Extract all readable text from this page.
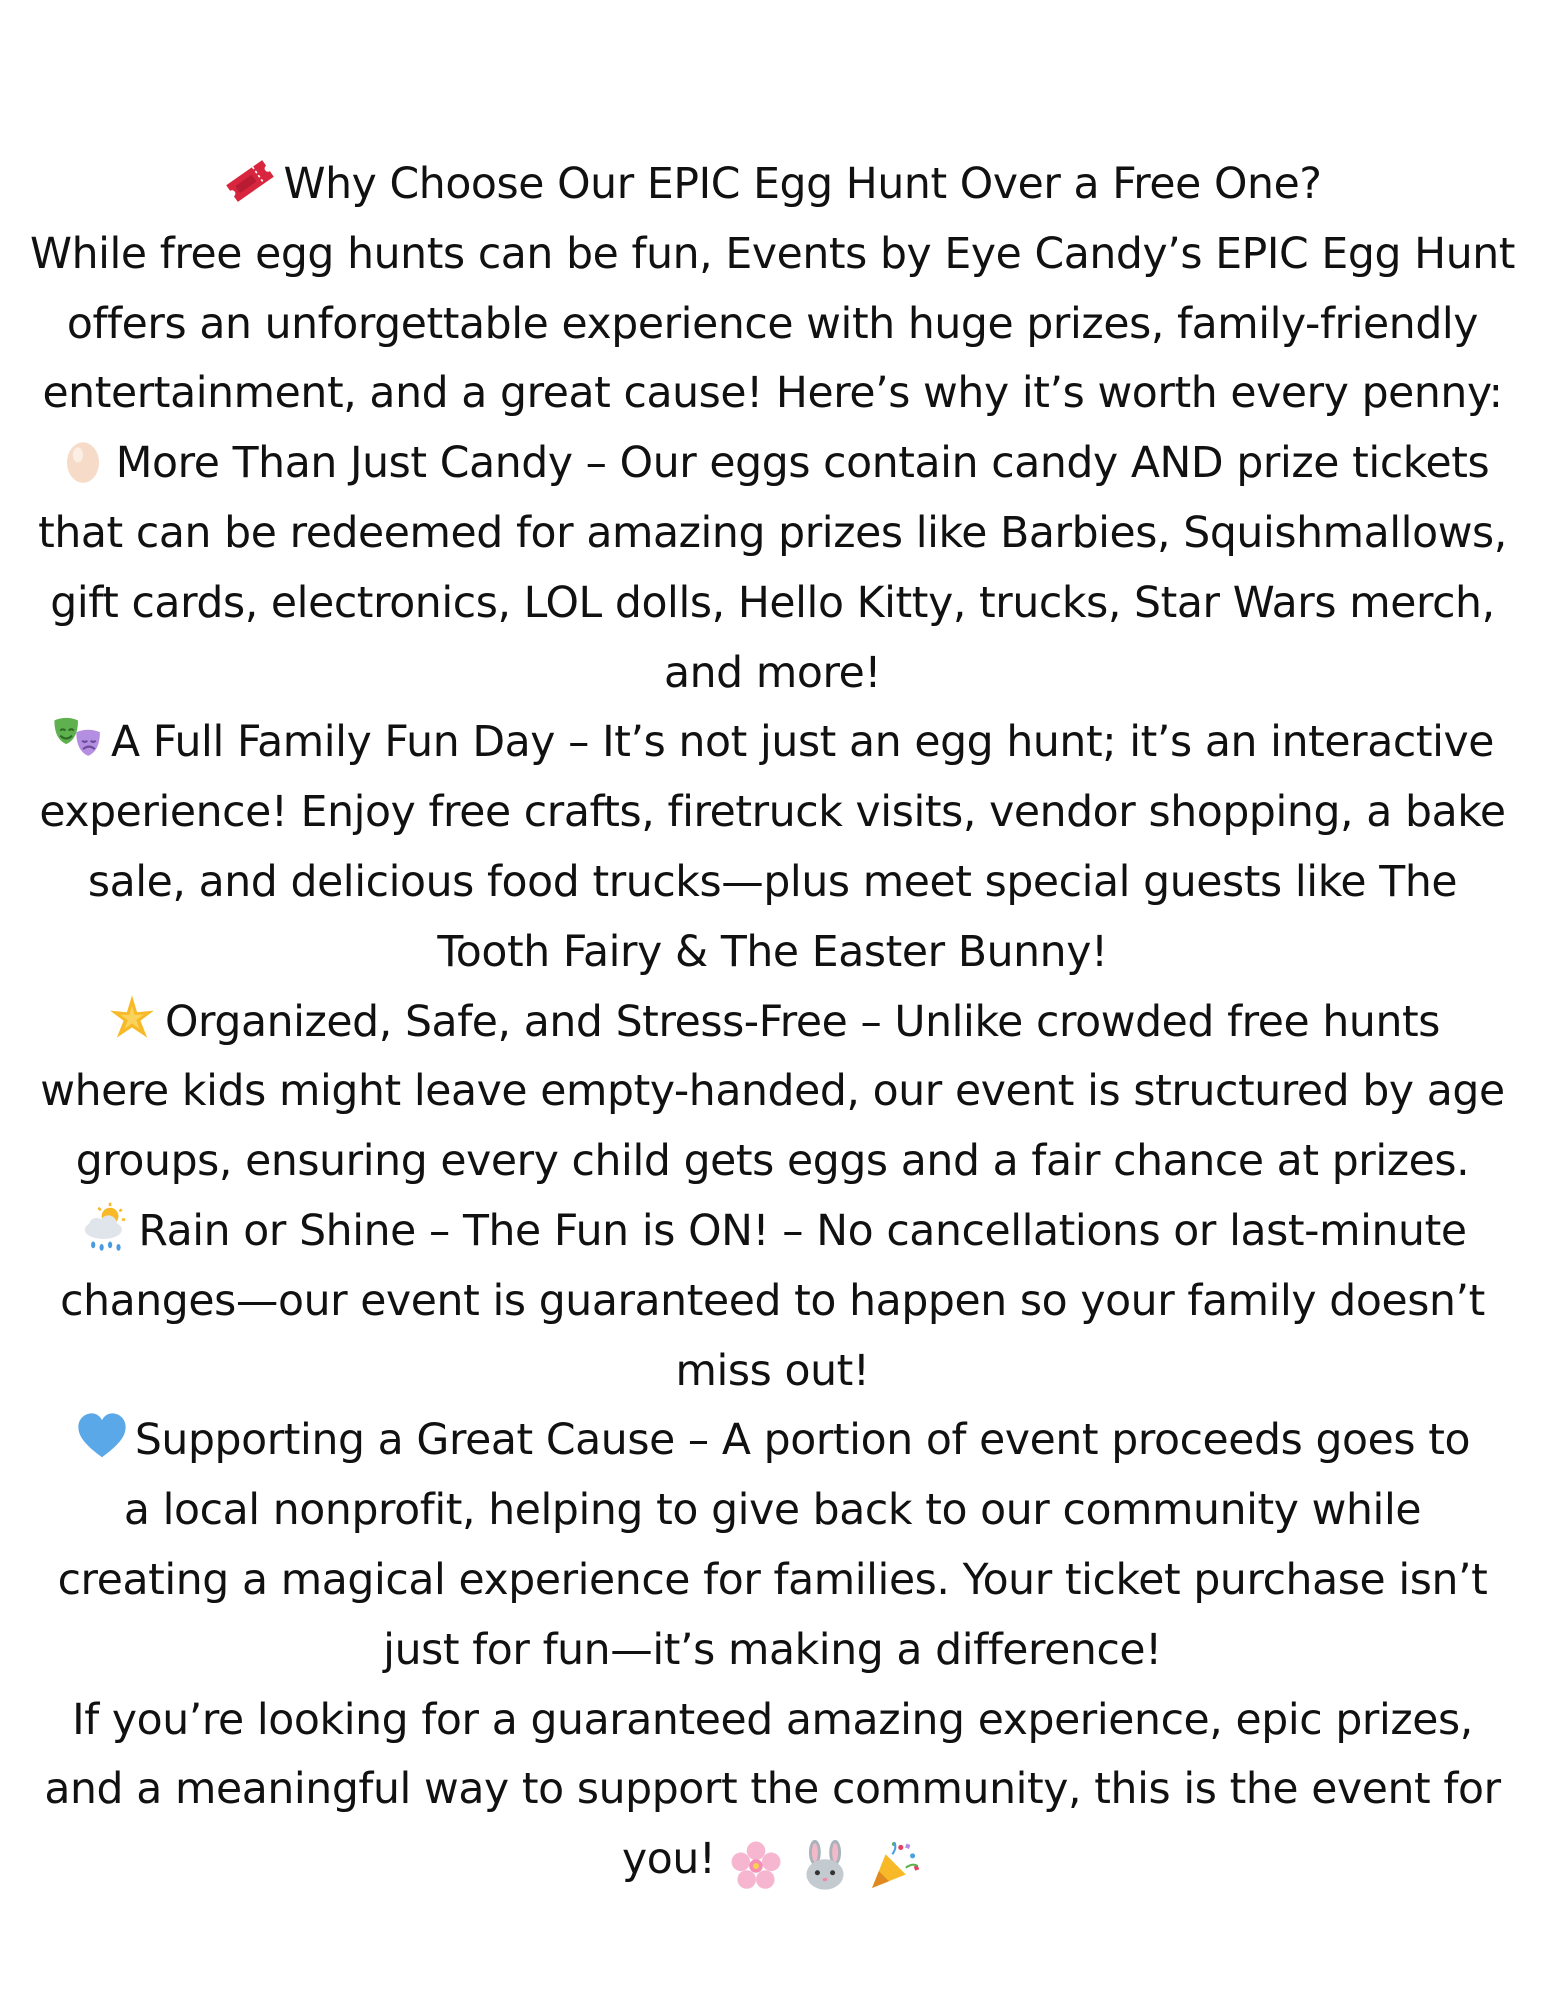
Why Choose Our EPIC Egg Hunt Over a Free One?
While free egg hunts can be fun, Events by Eye Candy’s EPIC Egg Hunt
offers an unforgettable experience with huge prizes, family-friendly
entertainment, and a great cause! Here’s why it’s worth every penny:
More Than Just Candy – Our eggs contain candy AND prize tickets
that can be redeemed for amazing prizes like Barbies, Squishmallows,
gift cards, electronics, LOL dolls, Hello Kitty, trucks, Star Wars merch,
and more!
A Full Family Fun Day – It’s not just an egg hunt; it’s an interactive
experience! Enjoy free crafts, firetruck visits, vendor shopping, a bake
sale, and delicious food trucks—plus meet special guests like The
Tooth Fairy & The Easter Bunny!
Organized, Safe, and Stress-Free – Unlike crowded free hunts
where kids might leave empty-handed, our event is structured by age
groups, ensuring every child gets eggs and a fair chance at prizes.
Rain or Shine – The Fun is ON! – No cancellations or last-minute
changes—our event is guaranteed to happen so your family doesn’t
miss out!
Supporting a Great Cause – A portion of event proceeds goes to
a local nonprofit, helping to give back to our community while
creating a magical experience for families. Your ticket purchase isn’t
just for fun—it’s making a difference!
If you’re looking for a guaranteed amazing experience, epic prizes,
and a meaningful way to support the community, this is the event for
you!
